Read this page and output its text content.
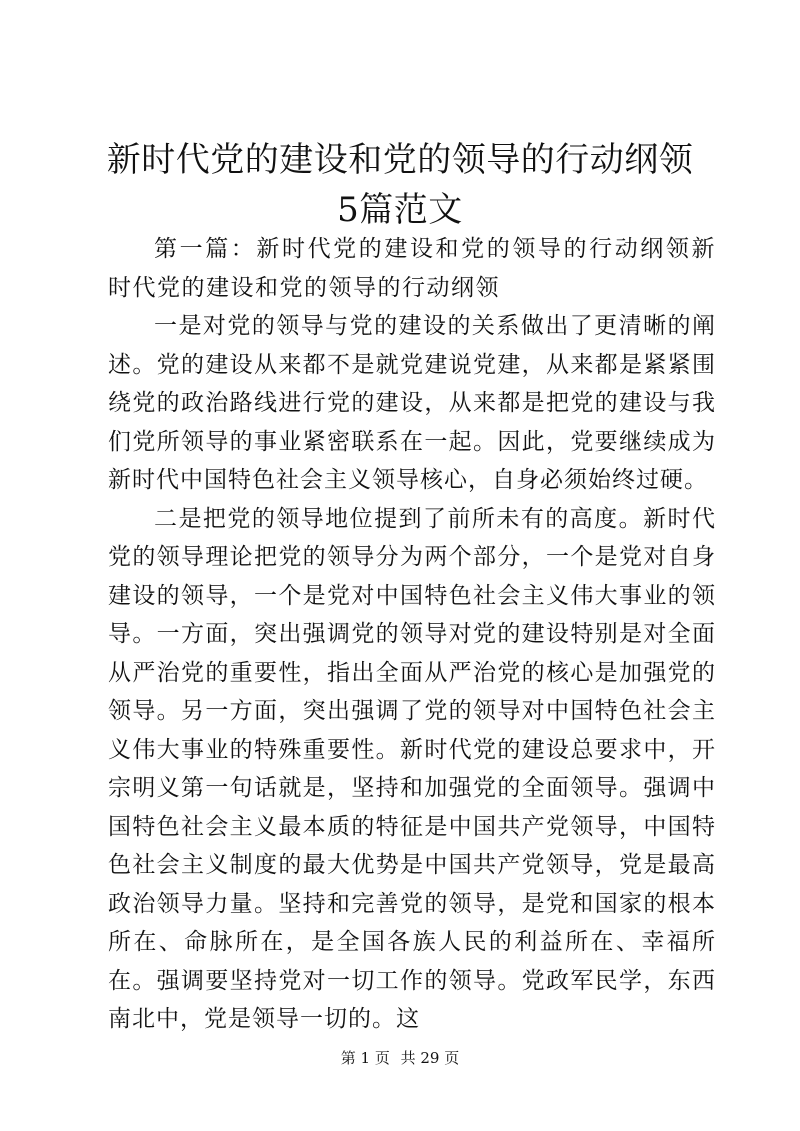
新时代党的建设和党的领导的行动纲领5篇范文

第一篇：新时代党的建设和党的领导的行动纲领新时代党的建设和党的领导的行动纲领

一是对党的领导与党的建设的关系做出了更清晰的阐述。党的建设从来都不是就党建说党建，从来都是紧紧围绕党的政治路线进行党的建设，从来都是把党的建设与我们党所领导的事业紧密联系在一起。因此，党要继续成为新时代中国特色社会主义领导核心，自身必须始终过硬。

二是把党的领导地位提到了前所未有的高度。新时代党的领导理论把党的领导分为两个部分，一个是党对自身建设的领导，一个是党对中国特色社会主义伟大事业的领导。一方面，突出强调党的领导对党的建设特别是对全面从严治党的重要性，指出全面从严治党的核心是加强党的领导。另一方面，突出强调了党的领导对中国特色社会主义伟大事业的特殊重要性。新时代党的建设总要求中，开宗明义第一句话就是，坚持和加强党的全面领导。强调中国特色社会主义最本质的特征是中国共产党领导，中国特色社会主义制度的最大优势是中国共产党领导，党是最高政治领导力量。坚持和完善党的领导，是党和国家的根本所在、命脉所在，是全国各族人民的利益所在、幸福所在。强调要坚持党对一切工作的领导。党政军民学，东西南北中，党是领导一切的。这

第 1 页 共 29 页
